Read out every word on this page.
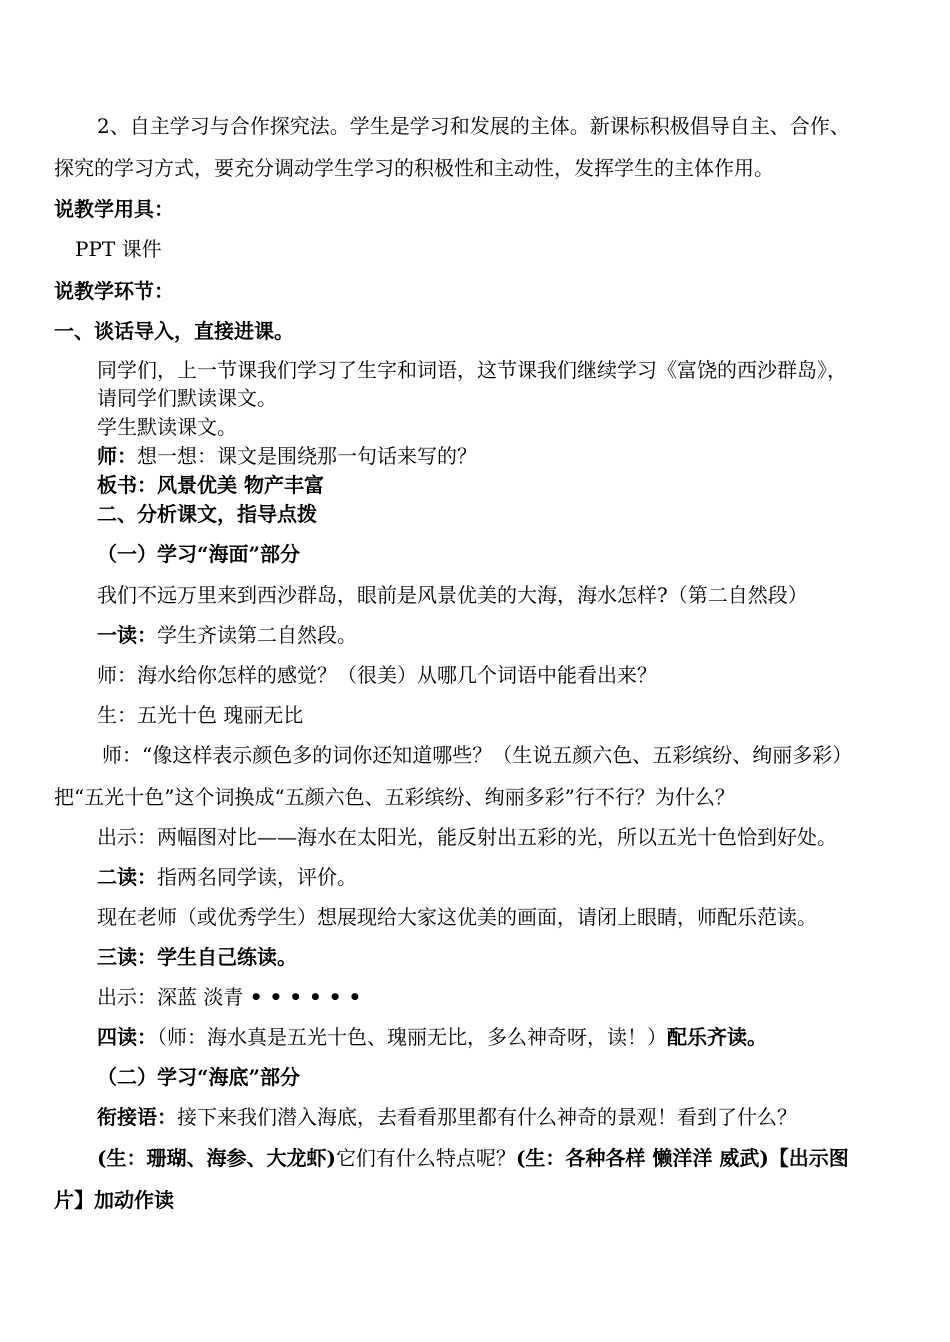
2、自主学习与合作探究法。学生是学习和发展的主体。新课标积极倡导自主、合作、
探究的学习方式，要充分调动学生学习的积极性和主动性，发挥学生的主体作用。
说教学用具：
PPT 课件
说教学环节：
一、谈话导入，直接进课。
同学们，上一节课我们学习了生字和词语，这节课我们继续学习《富饶的西沙群岛》，
请同学们默读课文。
学生默读课文。
师：想一想：课文是围绕那一句话来写的？
板书：风景优美 物产丰富
二、分析课文，指导点拨
（一）学习“海面”部分
我们不远万里来到西沙群岛，眼前是风景优美的大海，海水怎样?（第二自然段）
一读：学生齐读第二自然段。
师：海水给你怎样的感觉？（很美）从哪几个词语中能看出来？
生：五光十色 瑰丽无比
师：“像这样表示颜色多的词你还知道哪些？（生说五颜六色、五彩缤纷、绚丽多彩）
把“五光十色”这个词换成“五颜六色、五彩缤纷、绚丽多彩”行不行？为什么？
出示：两幅图对比——海水在太阳光，能反射出五彩的光，所以五光十色恰到好处。
二读：指两名同学读，评价。
现在老师（或优秀学生）想展现给大家这优美的画面，请闭上眼睛，师配乐范读。
三读：学生自己练读。
出示：深蓝 淡青 • • • • • •
四读：（师：海水真是五光十色、瑰丽无比，多么神奇呀，读！）配乐齐读。
（二）学习“海底”部分
衔接语：接下来我们潜入海底，去看看那里都有什么神奇的景观！看到了什么？
(生：珊瑚、海参、大龙虾)它们有什么特点呢？(生：各种各样 懒洋洋 威武)【出示图
片】加动作读
